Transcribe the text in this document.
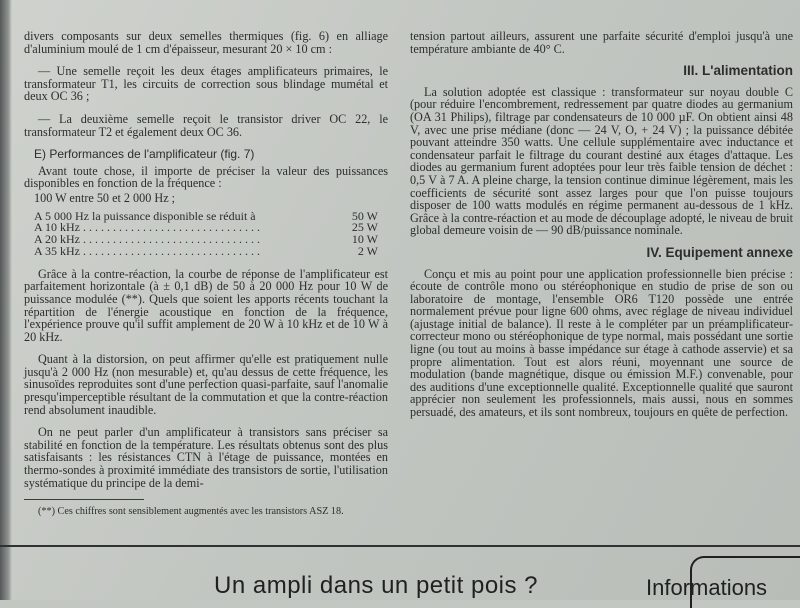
divers composants sur deux semelles thermiques (fig. 6) en alliage d'aluminium moulé de 1 cm d'épaisseur, mesurant 20 × 10 cm :

— Une semelle reçoit les deux étages amplificateurs primaires, le transformateur T1, les circuits de correction sous blindage mumétal et deux OC 36 ;

— La deuxième semelle reçoit le transistor driver OC 22, le transformateur T2 et également deux OC 36.

E) Performances de l'amplificateur (fig. 7)

Avant toute chose, il importe de préciser la valeur des puissances disponibles en fonction de la fréquence :

100 W entre 50 et 2 000 Hz ;
A 5 000 Hz la puissance disponible se réduit à	50 W
A 10 kHz . . . . . . . . . . . . . . . . . . . . . . . . . . . . . .	25 W
A 20 kHz . . . . . . . . . . . . . . . . . . . . . . . . . . . . . .	10 W
A 35 kHz . . . . . . . . . . . . . . . . . . . . . . . . . . . . . .	2 W

Grâce à la contre-réaction, la courbe de réponse de l'amplificateur est parfaitement horizontale (à ± 0,1 dB) de 50 à 20 000 Hz pour 10 W de puissance modulée (**). Quels que soient les apports récents touchant la répartition de l'énergie acoustique en fonction de la fréquence, l'expérience prouve qu'il suffit amplement de 20 W à 10 kHz et de 10 W à 20 kHz.

Quant à la distorsion, on peut affirmer qu'elle est pratiquement nulle jusqu'à 2 000 Hz (non mesurable) et, qu'au dessus de cette fréquence, les sinusoïdes reproduites sont d'une perfection quasi-parfaite, sauf l'anomalie presqu'imperceptible résultant de la commutation et que la contre-réaction rend absolument inaudible.

On ne peut parler d'un amplificateur à transistors sans préciser sa stabilité en fonction de la température. Les résultats obtenus sont des plus satisfaisants : les résistances CTN à l'étage de puissance, montées en thermo-sondes à proximité immédiate des transistors de sortie, l'utilisation systématique du principe de la demi-

(**) Ces chiffres sont sensiblement augmentés avec les transistors ASZ 18.

tension partout ailleurs, assurent une parfaite sécurité d'emploi jusqu'à une température ambiante de 40° C.

III. L'alimentation

La solution adoptée est classique : transformateur sur noyau double C (pour réduire l'encombrement, redressement par quatre diodes au germanium (OA 31 Philips), filtrage par condensateurs de 10 000 µF. On obtient ainsi 48 V, avec une prise médiane (donc — 24 V, O, + 24 V) ; la puissance débitée pouvant atteindre 350 watts. Une cellule supplémentaire avec inductance et condensateur parfait le filtrage du courant destiné aux étages d'attaque. Les diodes au germanium furent adoptées pour leur très faible tension de déchet : 0,5 V à 7 A. A pleine charge, la tension continue diminue légèrement, mais les coefficients de sécurité sont assez larges pour que l'on puisse toujours disposer de 100 watts modulés en régime permanent au-dessous de 1 kHz. Grâce à la contre-réaction et au mode de découplage adopté, le niveau de bruit global demeure voisin de — 90 dB/puissance nominale.

IV. Equipement annexe

Conçu et mis au point pour une application professionnelle bien précise : écoute de contrôle mono ou stéréophonique en studio de prise de son ou laboratoire de montage, l'ensemble OR6 T120 possède une entrée normalement prévue pour ligne 600 ohms, avec réglage de niveau individuel (ajustage initial de balance). Il reste à le compléter par un préamplificateur-correcteur mono ou stéréophonique de type normal, mais possédant une sortie ligne (ou tout au moins à basse impédance sur étage à cathode asservie) et sa propre alimentation. Tout est alors réuni, moyennant une source de modulation (bande magnétique, disque ou émission M.F.) convenable, pour des auditions d'une exceptionnelle qualité. Exceptionnelle qualité que sauront apprécier non seulement les professionnels, mais aussi, nous en sommes persuadé, des amateurs, et ils sont nombreux, toujours en quête de perfection.

Un ampli dans un petit pois ?	Informations
